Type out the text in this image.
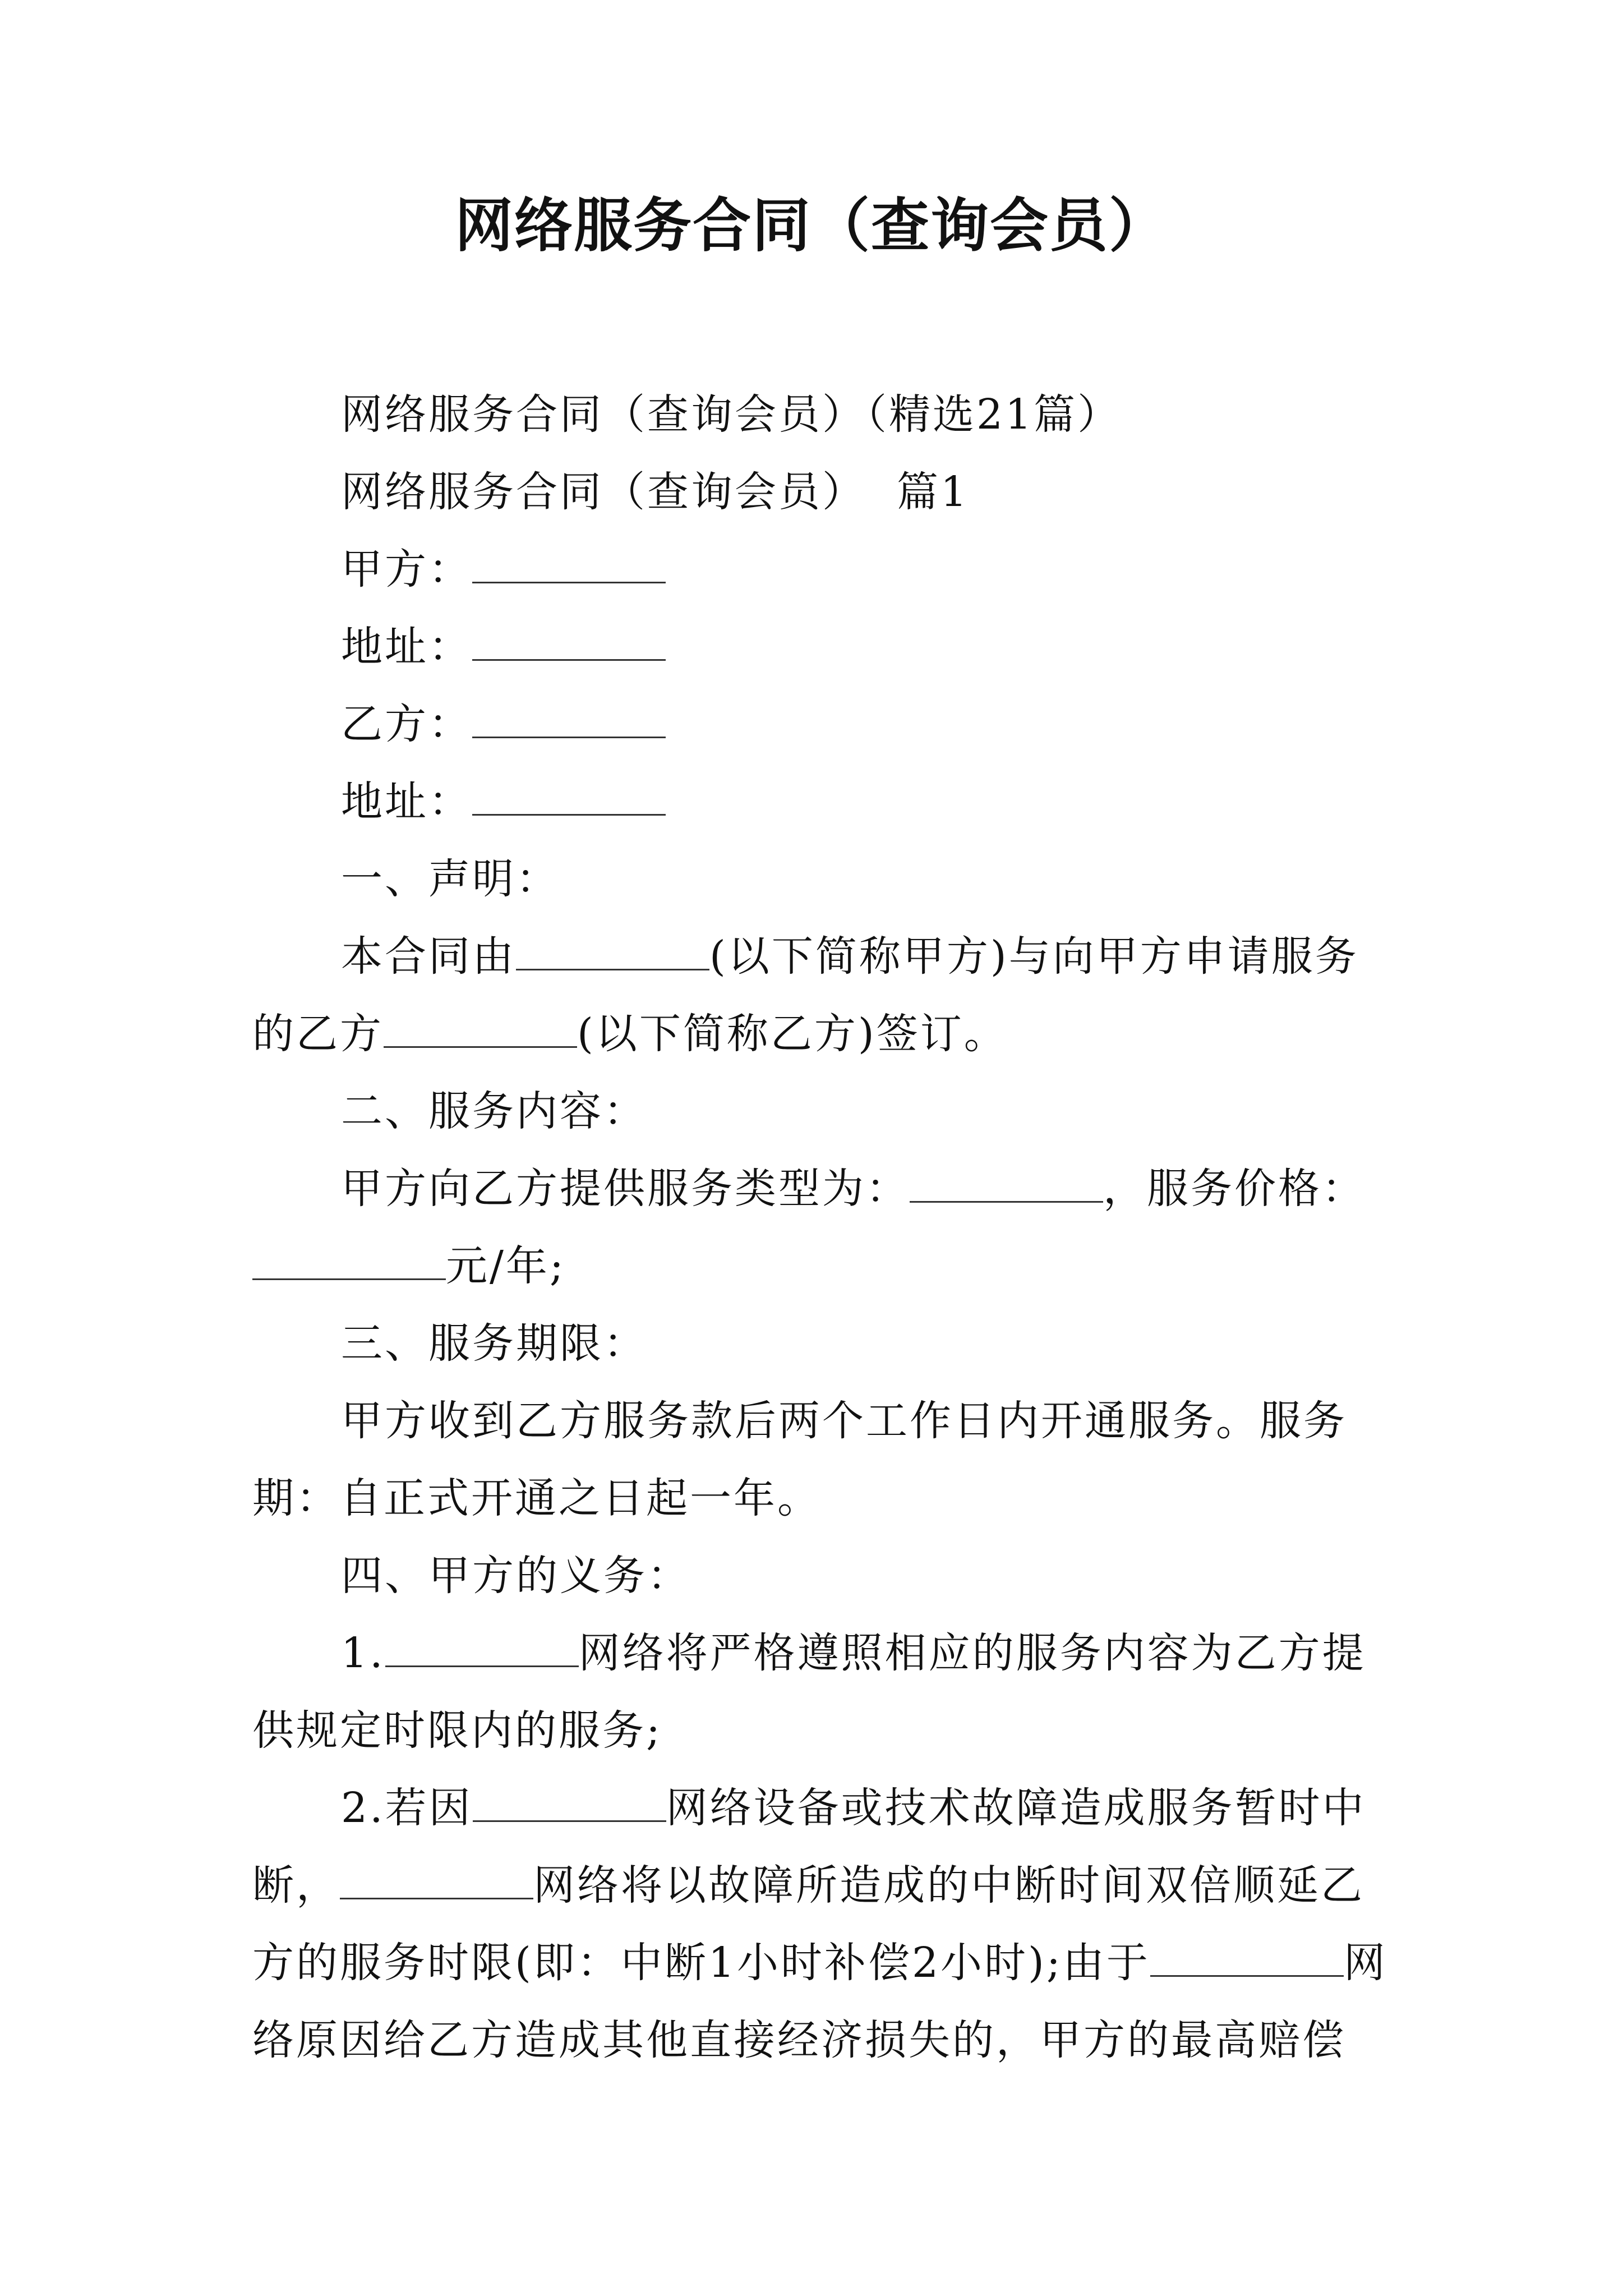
网络服务合同（查询会员）

网络服务合同（查询会员）（精选21篇）

网络服务合同（查询会员）  篇1

甲方：

地址：

乙方：

地址：

一、声明：

本合同由	(以下简称甲方)与向甲方申请服务的乙方	(以下简称乙方)签订。

二、服务内容：

甲方向乙方提供服务类型为：	，服务价格：元/年;

三、服务期限：

甲方收到乙方服务款后两个工作日内开通服务。服务期：自正式开通之日起一年。

四、甲方的义务：

1.	网络将严格遵照相应的服务内容为乙方提供规定时限内的服务;

2.若因	网络设备或技术故障造成服务暂时中断，	网络将以故障所造成的中断时间双倍顺延乙方的服务时限(即：中断1小时补偿2小时);由于	网络原因给乙方造成其他直接经济损失的，甲方的最高赔偿
